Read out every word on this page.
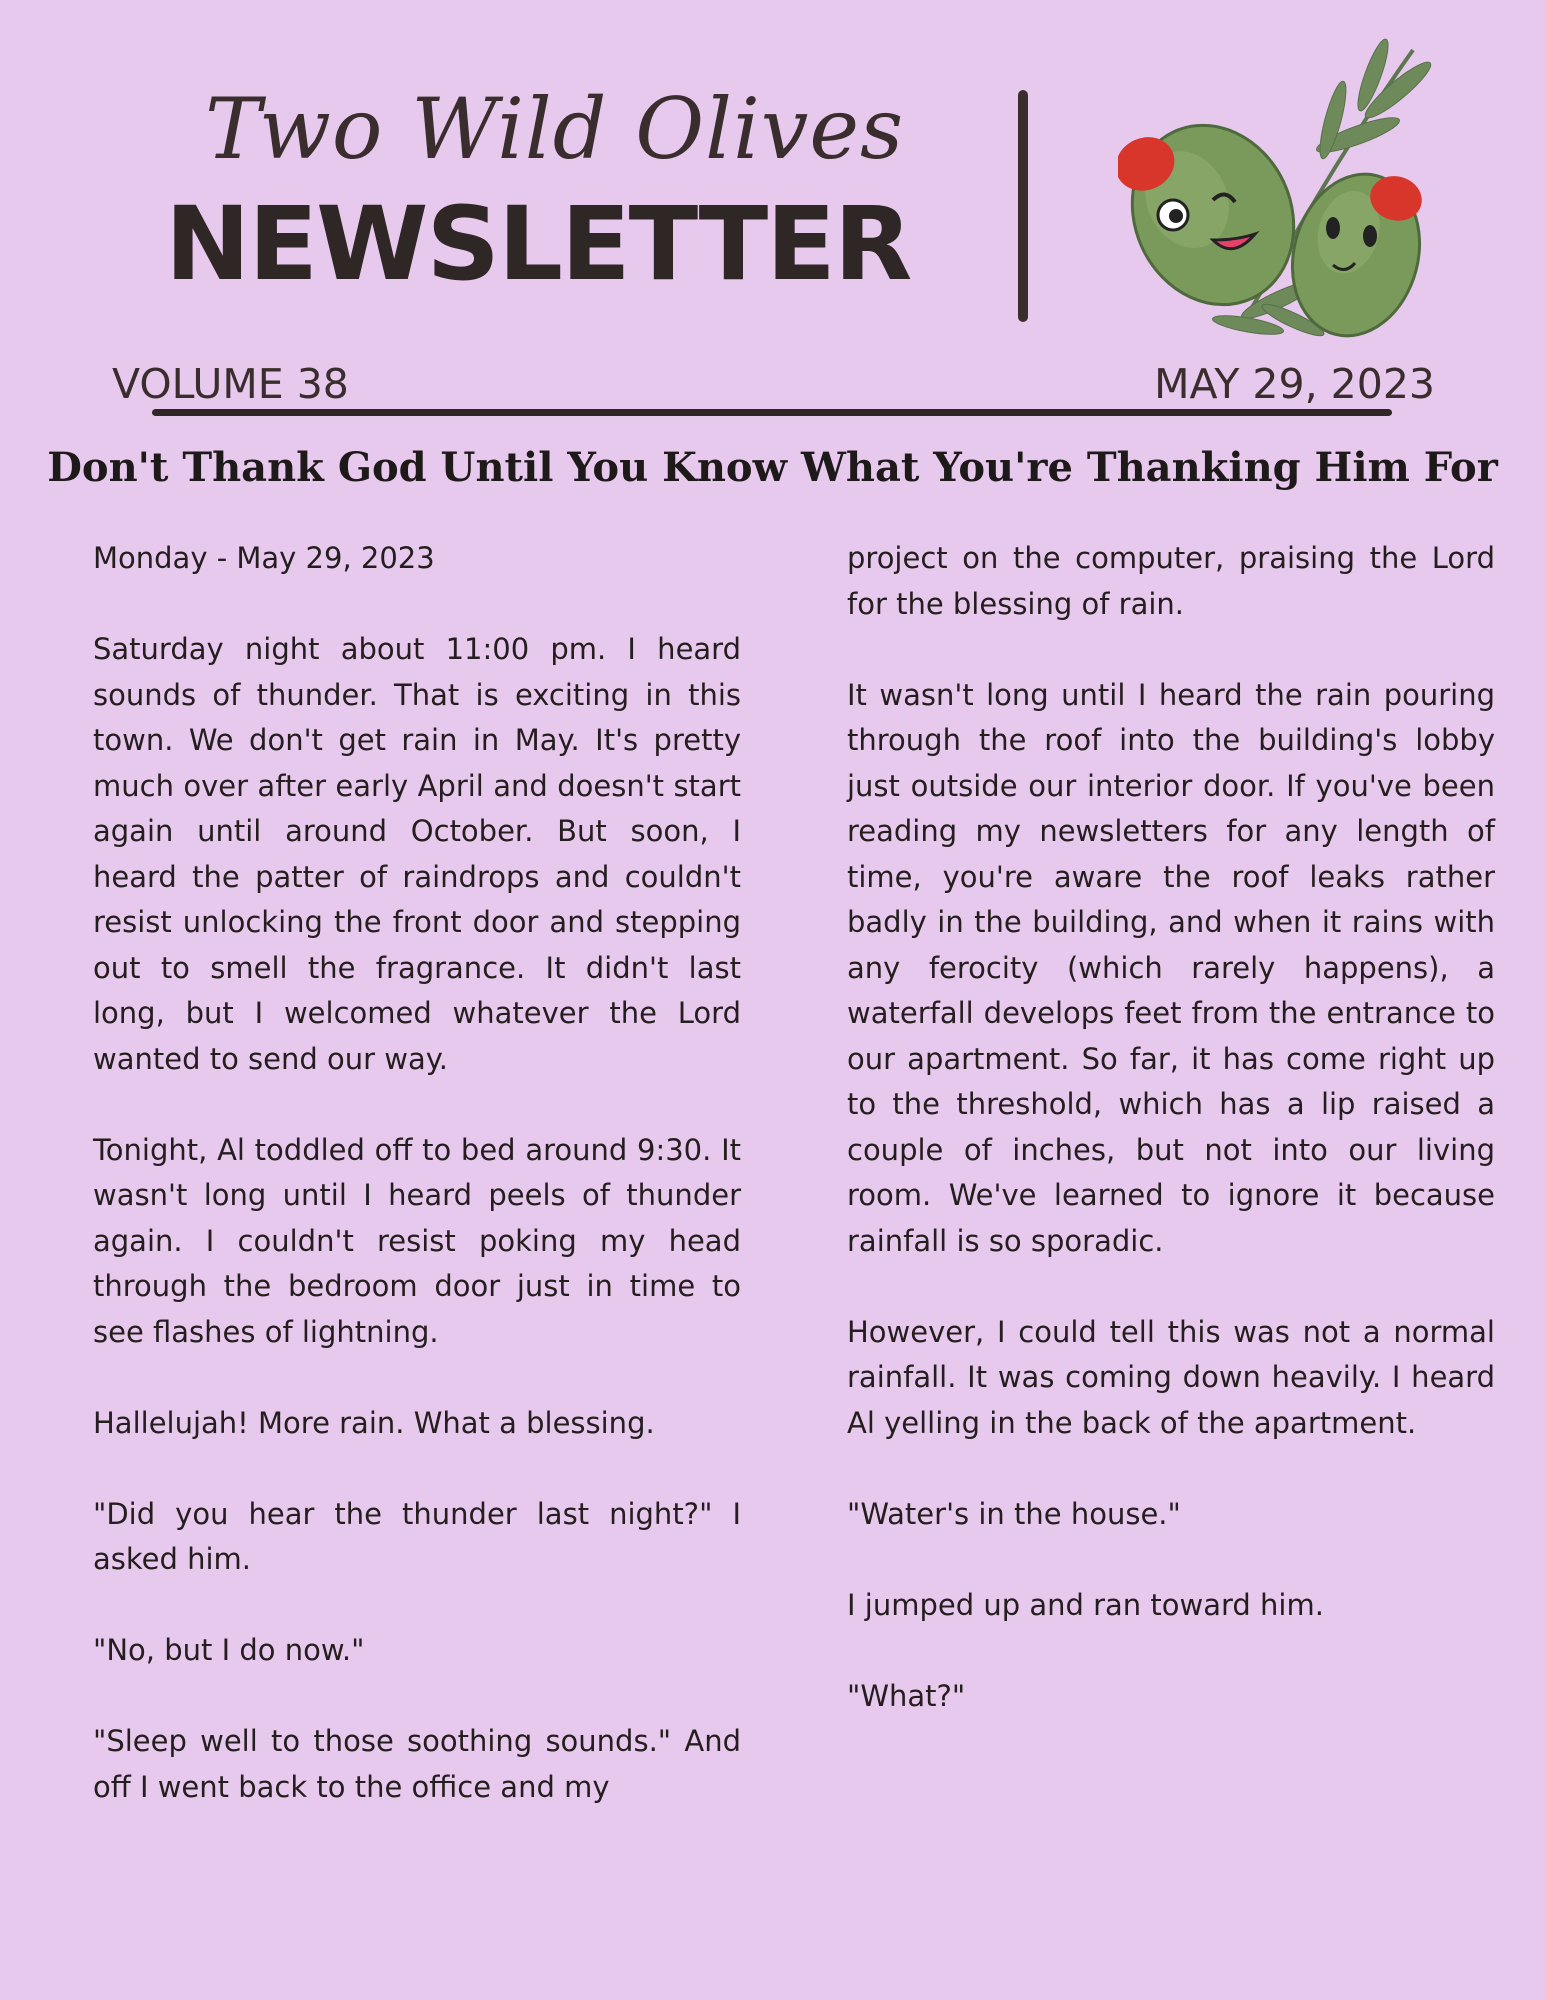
Two Wild Olives
NEWSLETTER
VOLUME 38	MAY 29, 2023
Don't Thank God Until You Know What You're Thanking Him For

Monday - May 29, 2023

Saturday night about 11:00 pm. I heard sounds of thunder. That is exciting in this town. We don't get rain in May. It's pretty much over after early April and doesn't start again until around October. But soon, I heard the patter of raindrops and couldn't resist unlocking the front door and stepping out to smell the fragrance. It didn't last long, but I welcomed whatever the Lord wanted to send our way.

Tonight, Al toddled off to bed around 9:30. It wasn't long until I heard peels of thunder again. I couldn't resist poking my head through the bedroom door just in time to see flashes of lightning.

Hallelujah! More rain. What a blessing.

"Did you hear the thunder last night?" I asked him.

"No, but I do now."

"Sleep well to those soothing sounds." And off I went back to the office and my

project on the computer, praising the Lord for the blessing of rain.

It wasn't long until I heard the rain pouring through the roof into the building's lobby just outside our interior door. If you've been reading my newsletters for any length of time, you're aware the roof leaks rather badly in the building, and when it rains with any ferocity (which rarely happens), a waterfall develops feet from the entrance to our apartment. So far, it has come right up to the threshold, which has a lip raised a couple of inches, but not into our living room. We've learned to ignore it because rainfall is so sporadic.

However, I could tell this was not a normal rainfall. It was coming down heavily. I heard Al yelling in the back of the apartment.

"Water's in the house."

I jumped up and ran toward him.

"What?"
